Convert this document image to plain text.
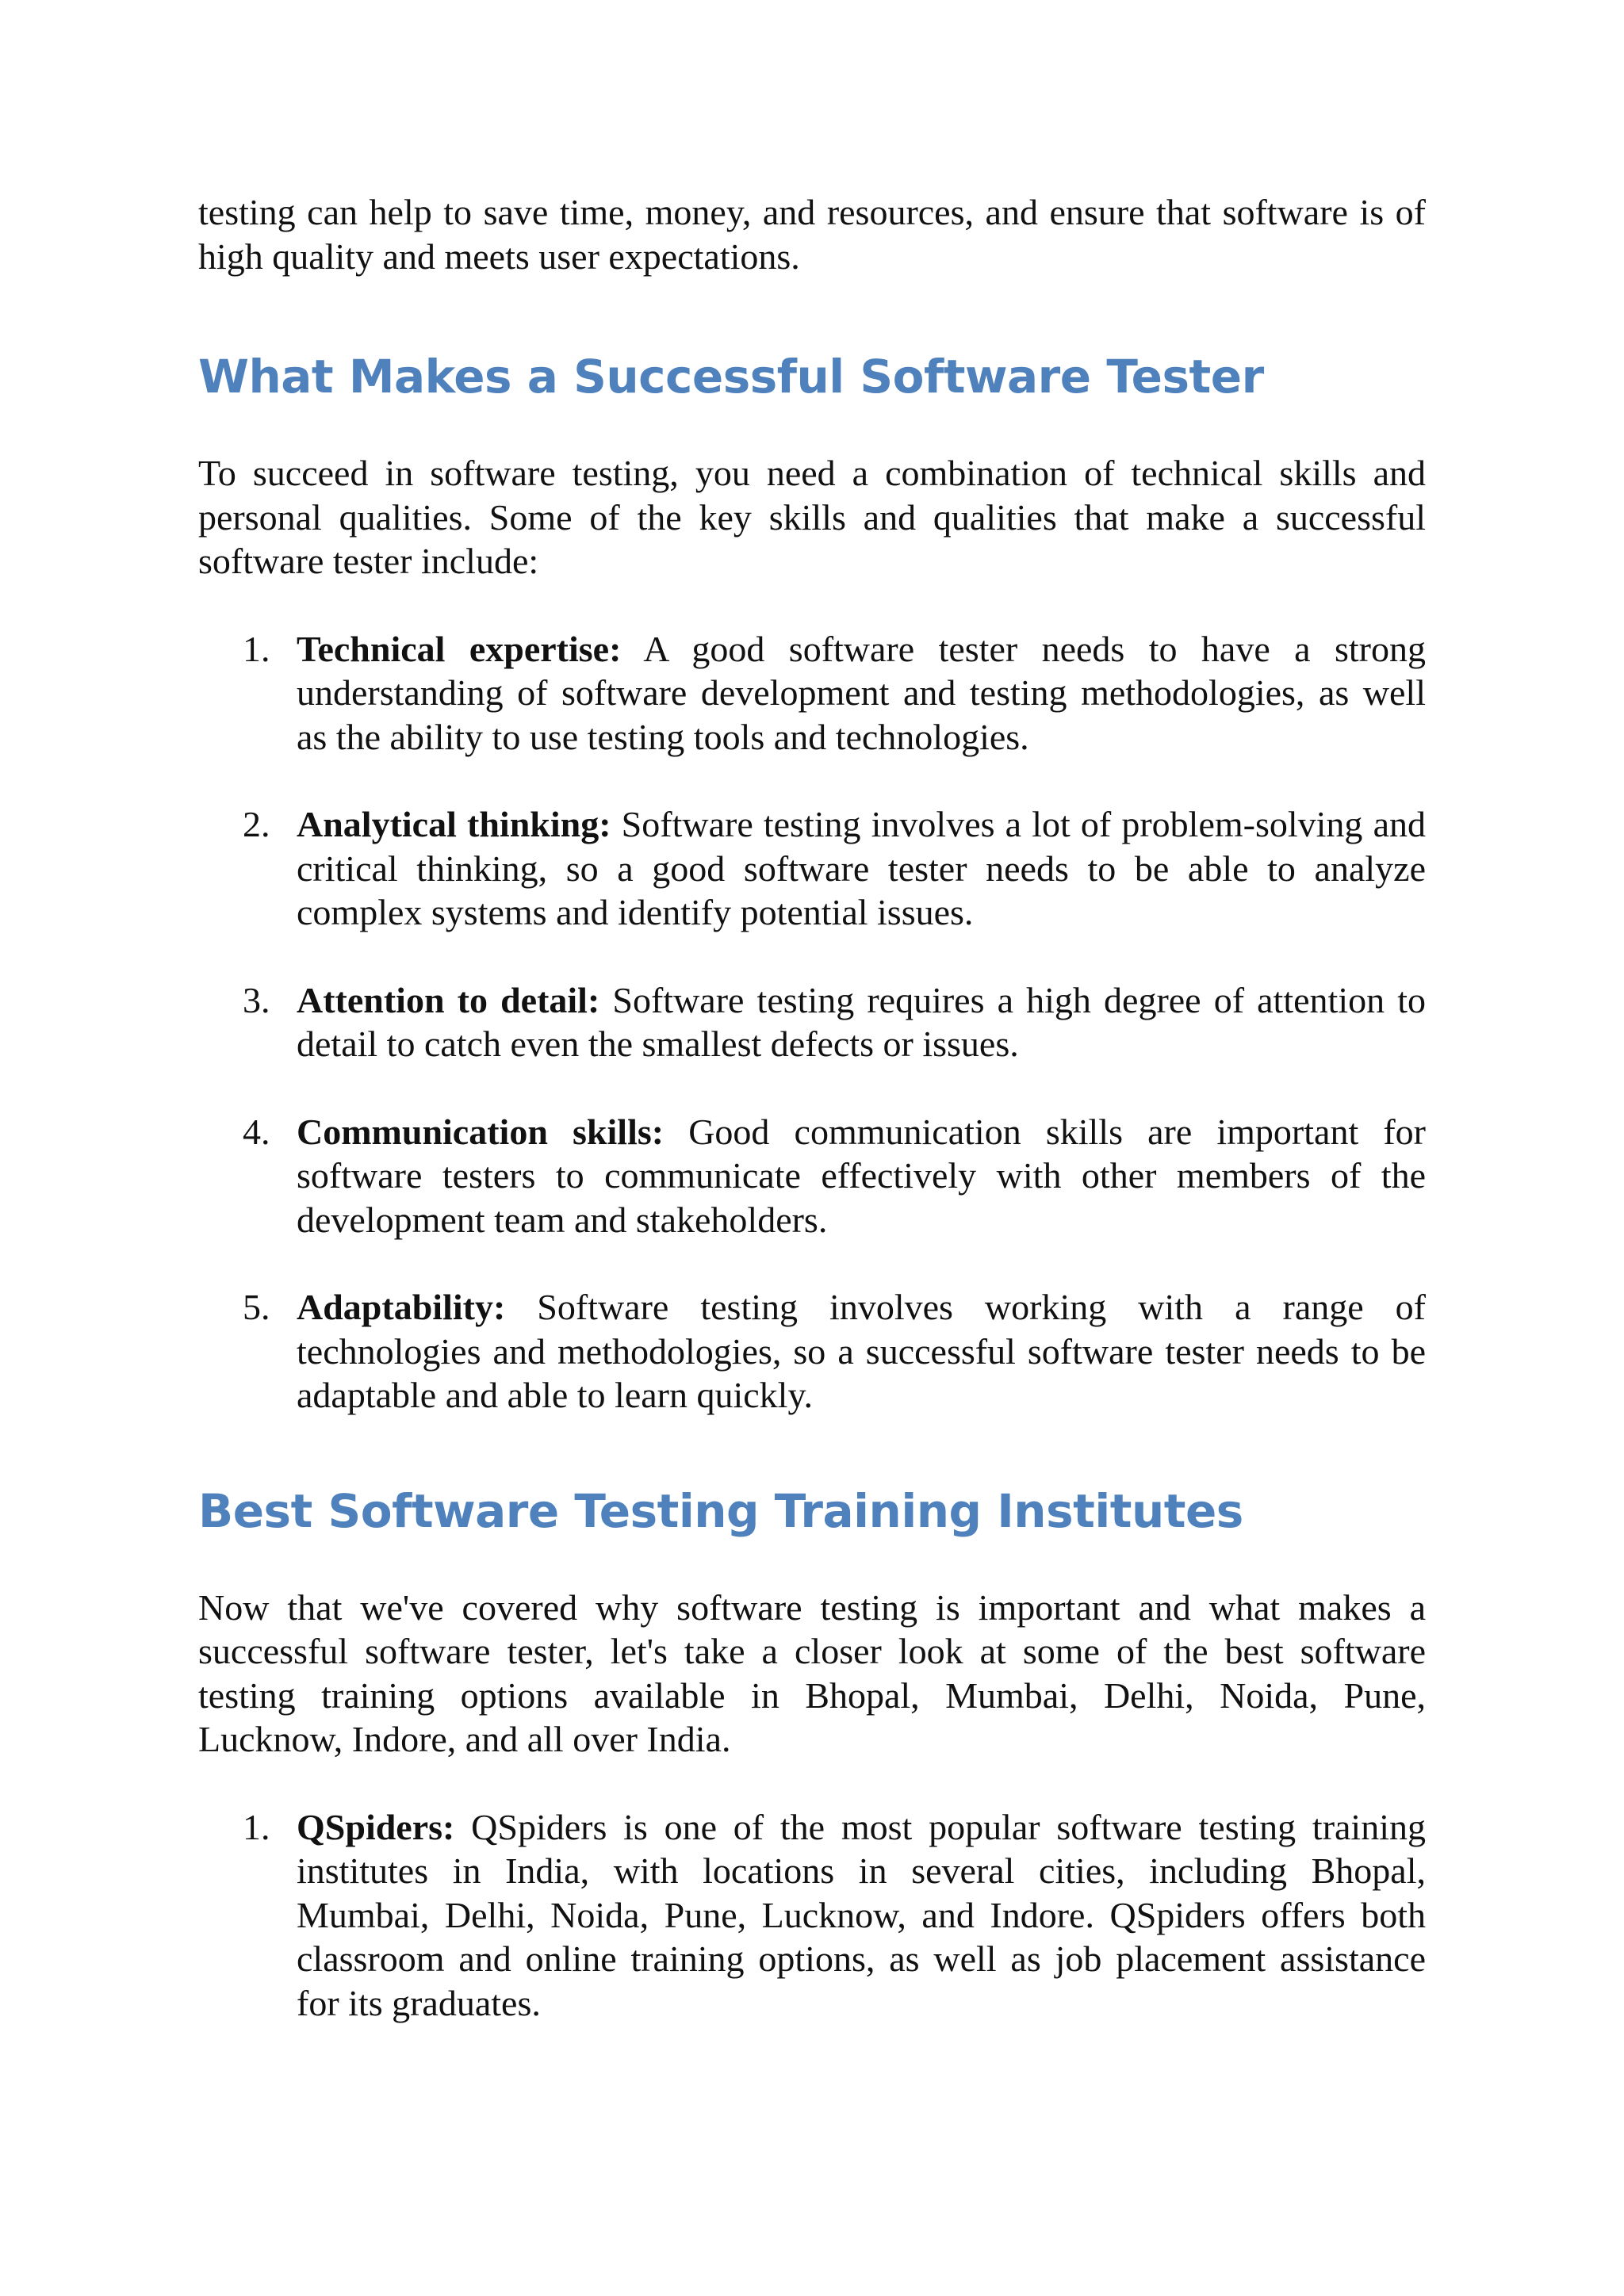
testing can help to save time, money, and resources, and ensure that software is of high quality and meets user expectations.

What Makes a Successful Software Tester

To succeed in software testing, you need a combination of technical skills and personal qualities. Some of the key skills and qualities that make a successful software tester include:

1. Technical expertise: A good software tester needs to have a strong understanding of software development and testing methodologies, as well as the ability to use testing tools and technologies.

2. Analytical thinking: Software testing involves a lot of problem-solving and critical thinking, so a good software tester needs to be able to analyze complex systems and identify potential issues.

3. Attention to detail: Software testing requires a high degree of attention to detail to catch even the smallest defects or issues.

4. Communication skills: Good communication skills are important for software testers to communicate effectively with other members of the development team and stakeholders.

5. Adaptability: Software testing involves working with a range of technologies and methodologies, so a successful software tester needs to be adaptable and able to learn quickly.

Best Software Testing Training Institutes

Now that we've covered why software testing is important and what makes a successful software tester, let's take a closer look at some of the best software testing training options available in Bhopal, Mumbai, Delhi, Noida, Pune, Lucknow, Indore, and all over India.

1. QSpiders: QSpiders is one of the most popular software testing training institutes in India, with locations in several cities, including Bhopal, Mumbai, Delhi, Noida, Pune, Lucknow, and Indore. QSpiders offers both classroom and online training options, as well as job placement assistance for its graduates.
